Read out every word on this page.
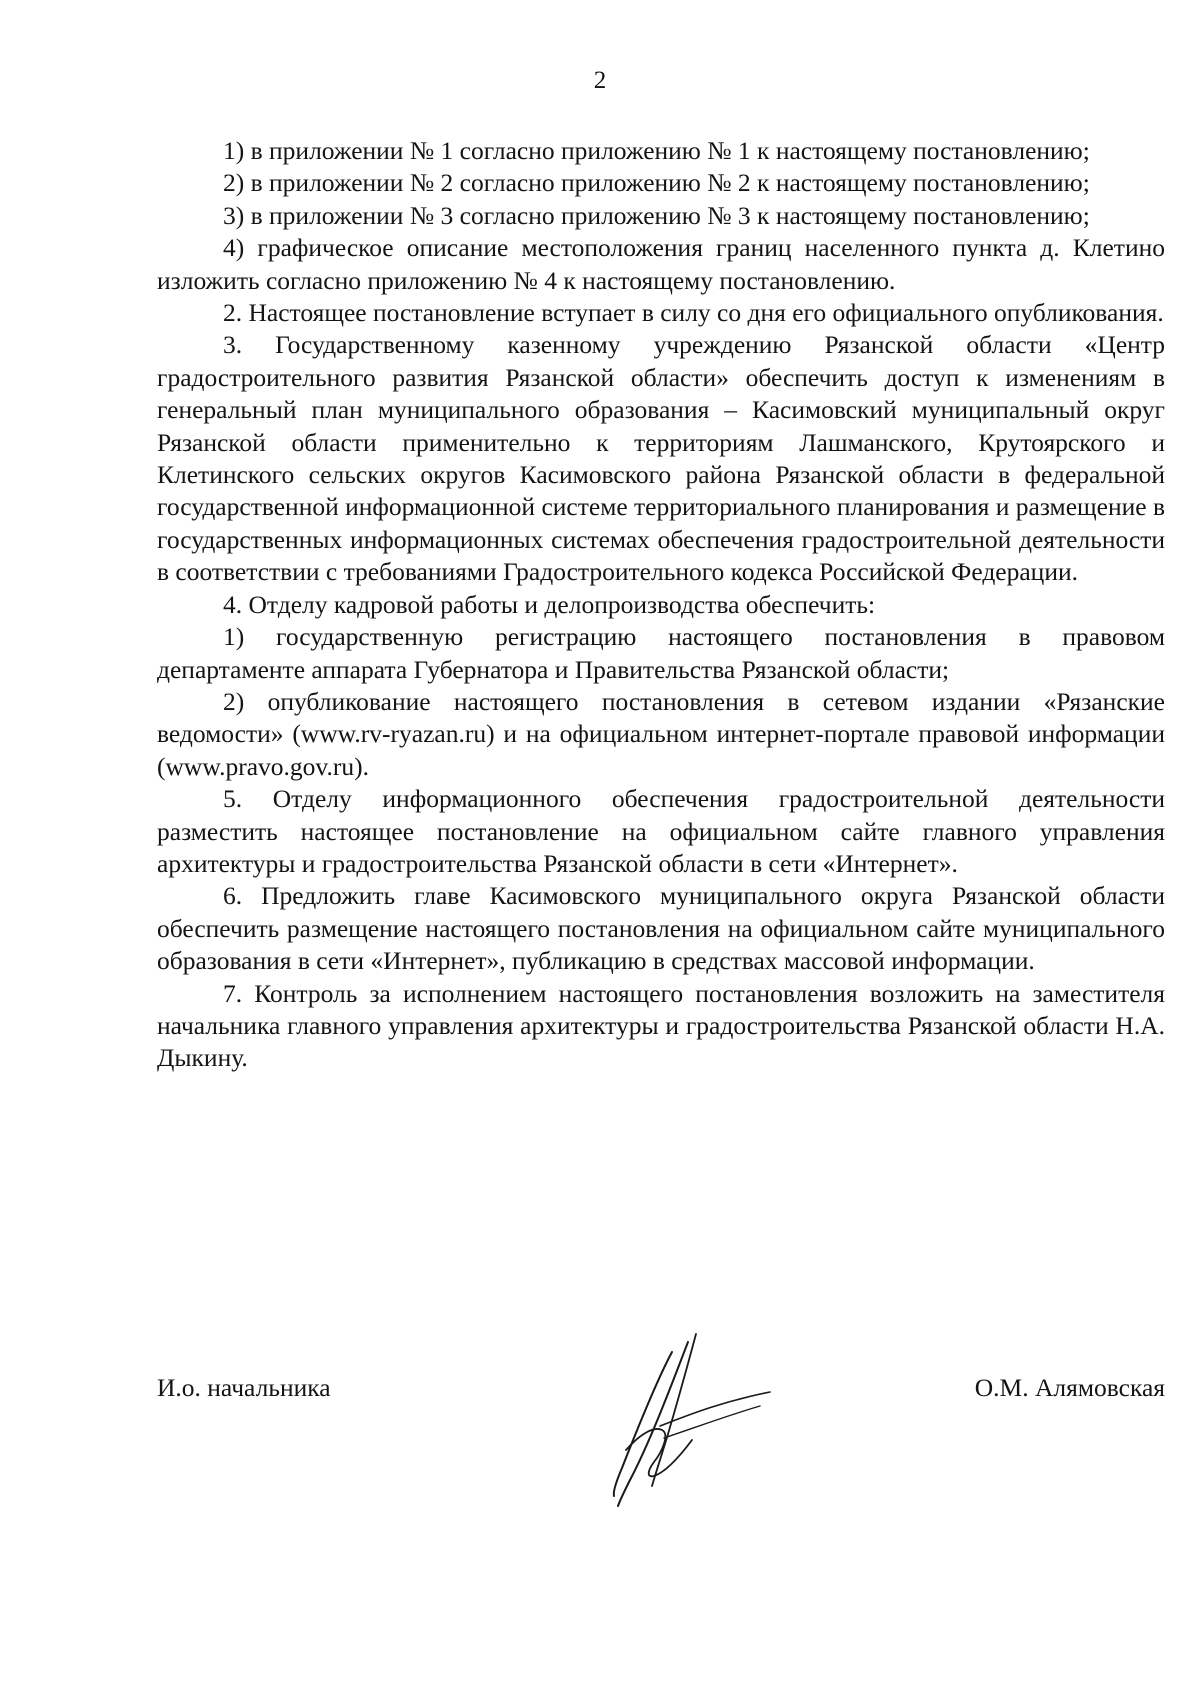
2

1) в приложении № 1 согласно приложению № 1 к настоящему постановлению;

2) в приложении № 2 согласно приложению № 2 к настоящему постановлению;

3) в приложении № 3 согласно приложению № 3 к настоящему постановлению;

4) графическое описание местоположения границ населенного пункта д. Клетино изложить согласно приложению № 4 к настоящему постановлению.

2. Настоящее постановление вступает в силу со дня его официального опубликования.

3. Государственному казенному учреждению Рязанской области «Центр градостроительного развития Рязанской области» обеспечить доступ к изменениям в генеральный план муниципального образования – Касимовский муниципальный округ Рязанской области применительно к территориям Лашманского, Крутоярского и Клетинского сельских округов Касимовского района Рязанской области в федеральной государственной информационной системе территориального планирования и размещение в государственных информационных системах обеспечения градостроительной деятельности в соответствии с требованиями Градостроительного кодекса Российской Федерации.

4. Отделу кадровой работы и делопроизводства обеспечить:

1) государственную регистрацию настоящего постановления в правовом департаменте аппарата Губернатора и Правительства Рязанской области;

2) опубликование настоящего постановления в сетевом издании «Рязанские ведомости» (www.rv-ryazan.ru) и на официальном интернет-портале правовой информации (www.pravo.gov.ru).

5. Отделу информационного обеспечения градостроительной деятельности разместить настоящее постановление на официальном сайте главного управления архитектуры и градостроительства Рязанской области в сети «Интернет».

6. Предложить главе Касимовского муниципального округа Рязанской области обеспечить размещение настоящего постановления на официальном сайте муниципального образования в сети «Интернет», публикацию в средствах массовой информации.

7. Контроль за исполнением настоящего постановления возложить на заместителя начальника главного управления архитектуры и градостроительства Рязанской области Н.А. Дыкину.

И.о. начальника	О.М. Алямовская
